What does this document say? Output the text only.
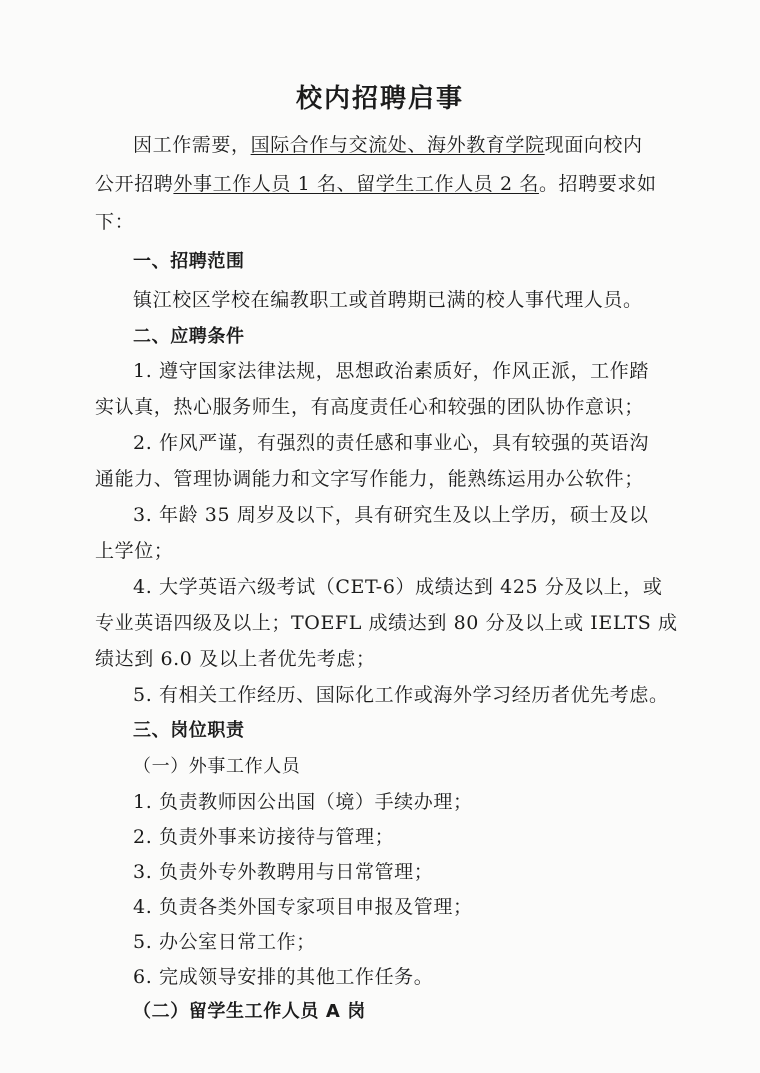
校内招聘启事
因工作需要，国际合作与交流处、海外教育学院现面向校内
公开招聘外事工作人员 1 名、留学生工作人员 2 名。招聘要求如
下：
一、招聘范围
镇江校区学校在编教职工或首聘期已满的校人事代理人员。
二、应聘条件
1. 遵守国家法律法规，思想政治素质好，作风正派，工作踏
实认真，热心服务师生，有高度责任心和较强的团队协作意识；
2. 作风严谨，有强烈的责任感和事业心，具有较强的英语沟
通能力、管理协调能力和文字写作能力，能熟练运用办公软件；
3. 年龄 35 周岁及以下，具有研究生及以上学历，硕士及以
上学位；
4. 大学英语六级考试（CET-6）成绩达到 425 分及以上，或
专业英语四级及以上；TOEFL 成绩达到 80 分及以上或 IELTS 成
绩达到 6.0 及以上者优先考虑；
5. 有相关工作经历、国际化工作或海外学习经历者优先考虑。
三、岗位职责
（一）外事工作人员
1. 负责教师因公出国（境）手续办理；
2. 负责外事来访接待与管理；
3. 负责外专外教聘用与日常管理；
4. 负责各类外国专家项目申报及管理；
5. 办公室日常工作；
6. 完成领导安排的其他工作任务。
（二）留学生工作人员 A 岗
